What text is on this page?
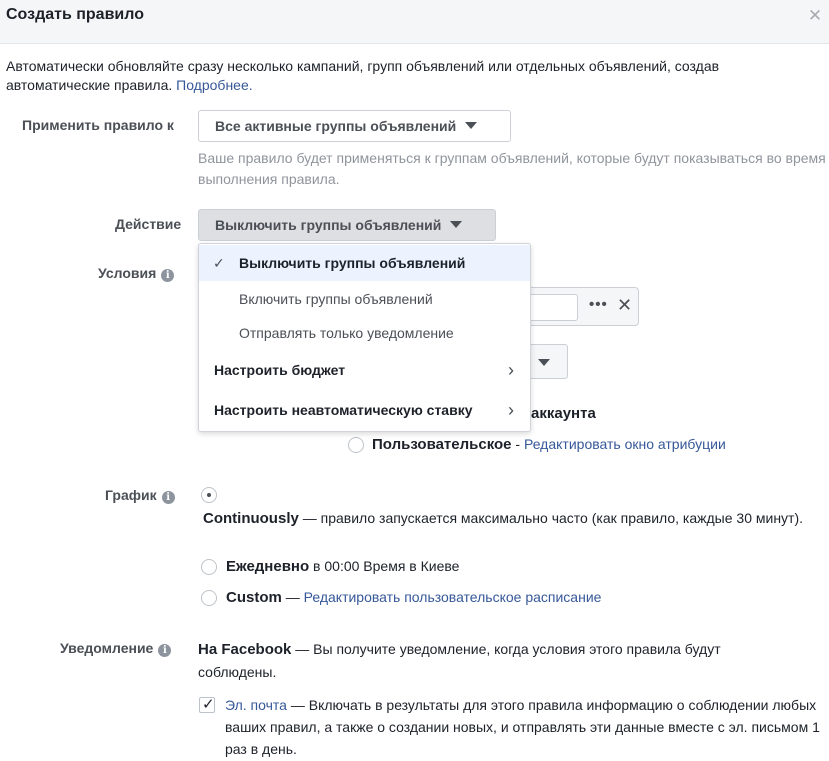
Создать правило	✕
Автоматически обновляйте сразу несколько кампаний, групп объявлений или отдельных объявлений, создав автоматические правила. Подробнее.
Применить правило к	Все активные группы объявлений
Ваше правило будет применяться к группам объявлений, которые будут показываться во время выполнения правила.
Действие	Выключить группы объявлений
Условия i
••• ✕
аккаунта
Пользовательское - Редактировать окно атрибуции
График i
Continuously — правило запускается максимально часто (как правило, каждые 30 минут).
Ежедневно в 00:00 Время в Киеве
Custom — Редактировать пользовательское расписание
Уведомление i	На Facebook — Вы получите уведомление, когда условия этого правила будут соблюдены.
✓ Эл. почта — Включать в результаты для этого правила информацию о соблюдении любых ваших правил, а также о создании новых, и отправлять эти данные вместе с эл. письмом 1 раз в день.
✓ Выключить группы объявлений
Включить группы объявлений
Отправлять только уведомление
Настроить бюджет	›
Настроить неавтоматическую ставку ›
